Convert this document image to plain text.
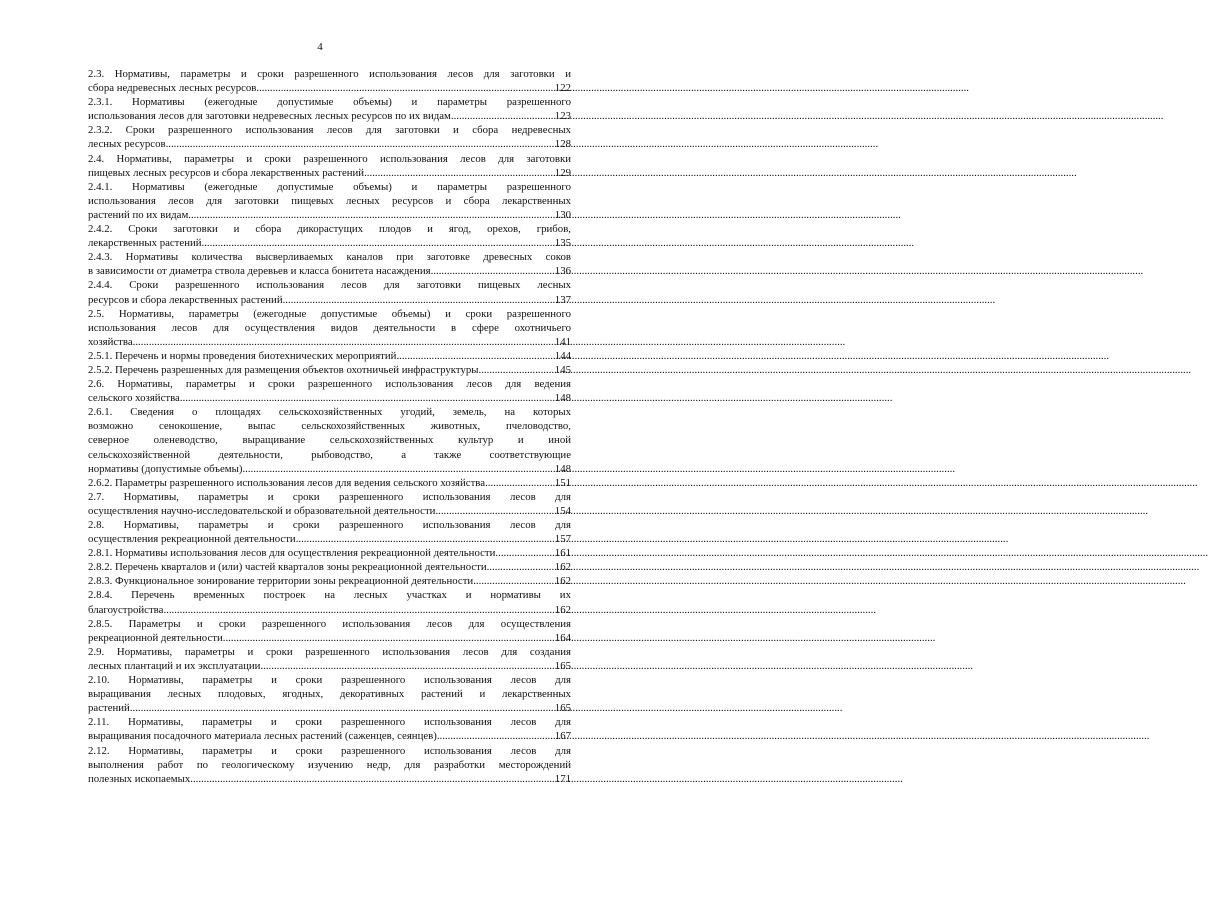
4
2.3. Нормативы, параметры и сроки разрешенного использования лесов для заготовки и
сбора недревесных лесных ресурсов .....	122
2.3.1. Нормативы (ежегодные допустимые объемы) и параметры разрешенного
использования лесов для заготовки недревесных лесных ресурсов по их видам .....	123
2.3.2. Сроки разрешенного использования лесов для заготовки и сбора недревесных
лесных ресурсов .....	128
2.4. Нормативы, параметры и сроки разрешенного использования лесов для заготовки
пищевых лесных ресурсов и сбора лекарственных растений .....	129
2.4.1. Нормативы (ежегодные допустимые объемы) и параметры разрешенного
использования лесов для заготовки пищевых лесных ресурсов и сбора лекарственных
растений по их видам .....	130
2.4.2. Сроки заготовки и сбора дикорастущих плодов и ягод, орехов, грибов,
лекарственных растений .....	135
2.4.3. Нормативы количества высверливаемых каналов при заготовке древесных соков
в зависимости от диаметра ствола деревьев и класса бонитета насаждения .....	136
2.4.4. Сроки разрешенного использования лесов для заготовки пищевых лесных
ресурсов и сбора лекарственных растений .....	137
2.5. Нормативы, параметры (ежегодные допустимые объемы) и сроки разрешенного
использования лесов для осуществления видов деятельности в сфере охотничьего
хозяйства .....	141
2.5.1. Перечень и нормы проведения биотехнических мероприятий .....	144
2.5.2. Перечень разрешенных для размещения объектов охотничьей инфраструктуры .....	145
2.6. Нормативы, параметры и сроки разрешенного использования лесов для ведения
сельского хозяйства .....	148
2.6.1. Сведения о площадях сельскохозяйственных угодий, земель, на которых
возможно сенокошение, выпас сельскохозяйственных животных, пчеловодство,
северное оленеводство, выращивание сельскохозяйственных культур и иной
сельскохозяйственной деятельности, рыбоводство, а также соответствующие
нормативы (допустимые объемы) .....	148
2.6.2. Параметры разрешенного использования лесов для ведения сельского хозяйства .....	151
2.7. Нормативы, параметры и сроки разрешенного использования лесов для
осуществления научно-исследовательской и образовательной деятельности .....	154
2.8. Нормативы, параметры и сроки разрешенного использования лесов для
осуществления рекреационной деятельности .....	157
2.8.1. Нормативы использования лесов для осуществления рекреационной деятельности .....	161
2.8.2. Перечень кварталов и (или) частей кварталов зоны рекреационной деятельности .....	162
2.8.3. Функциональное зонирование территории зоны рекреационной деятельности .....	162
2.8.4. Перечень временных построек на лесных участках и нормативы их
благоустройства .....	162
2.8.5. Параметры и сроки разрешенного использования лесов для осуществления
рекреационной деятельности .....	164
2.9. Нормативы, параметры и сроки разрешенного использования лесов для создания
лесных плантаций и их эксплуатации .....	165
2.10. Нормативы, параметры и сроки разрешенного использования лесов для
выращивания лесных плодовых, ягодных, декоративных растений и лекарственных
растений .....	165
2.11. Нормативы, параметры и сроки разрешенного использования лесов для
выращивания посадочного материала лесных растений (саженцев, сеянцев) .....	167
2.12. Нормативы, параметры и сроки разрешенного использования лесов для
выполнения работ по геологическому изучению недр, для разработки месторождений
полезных ископаемых .....	171
